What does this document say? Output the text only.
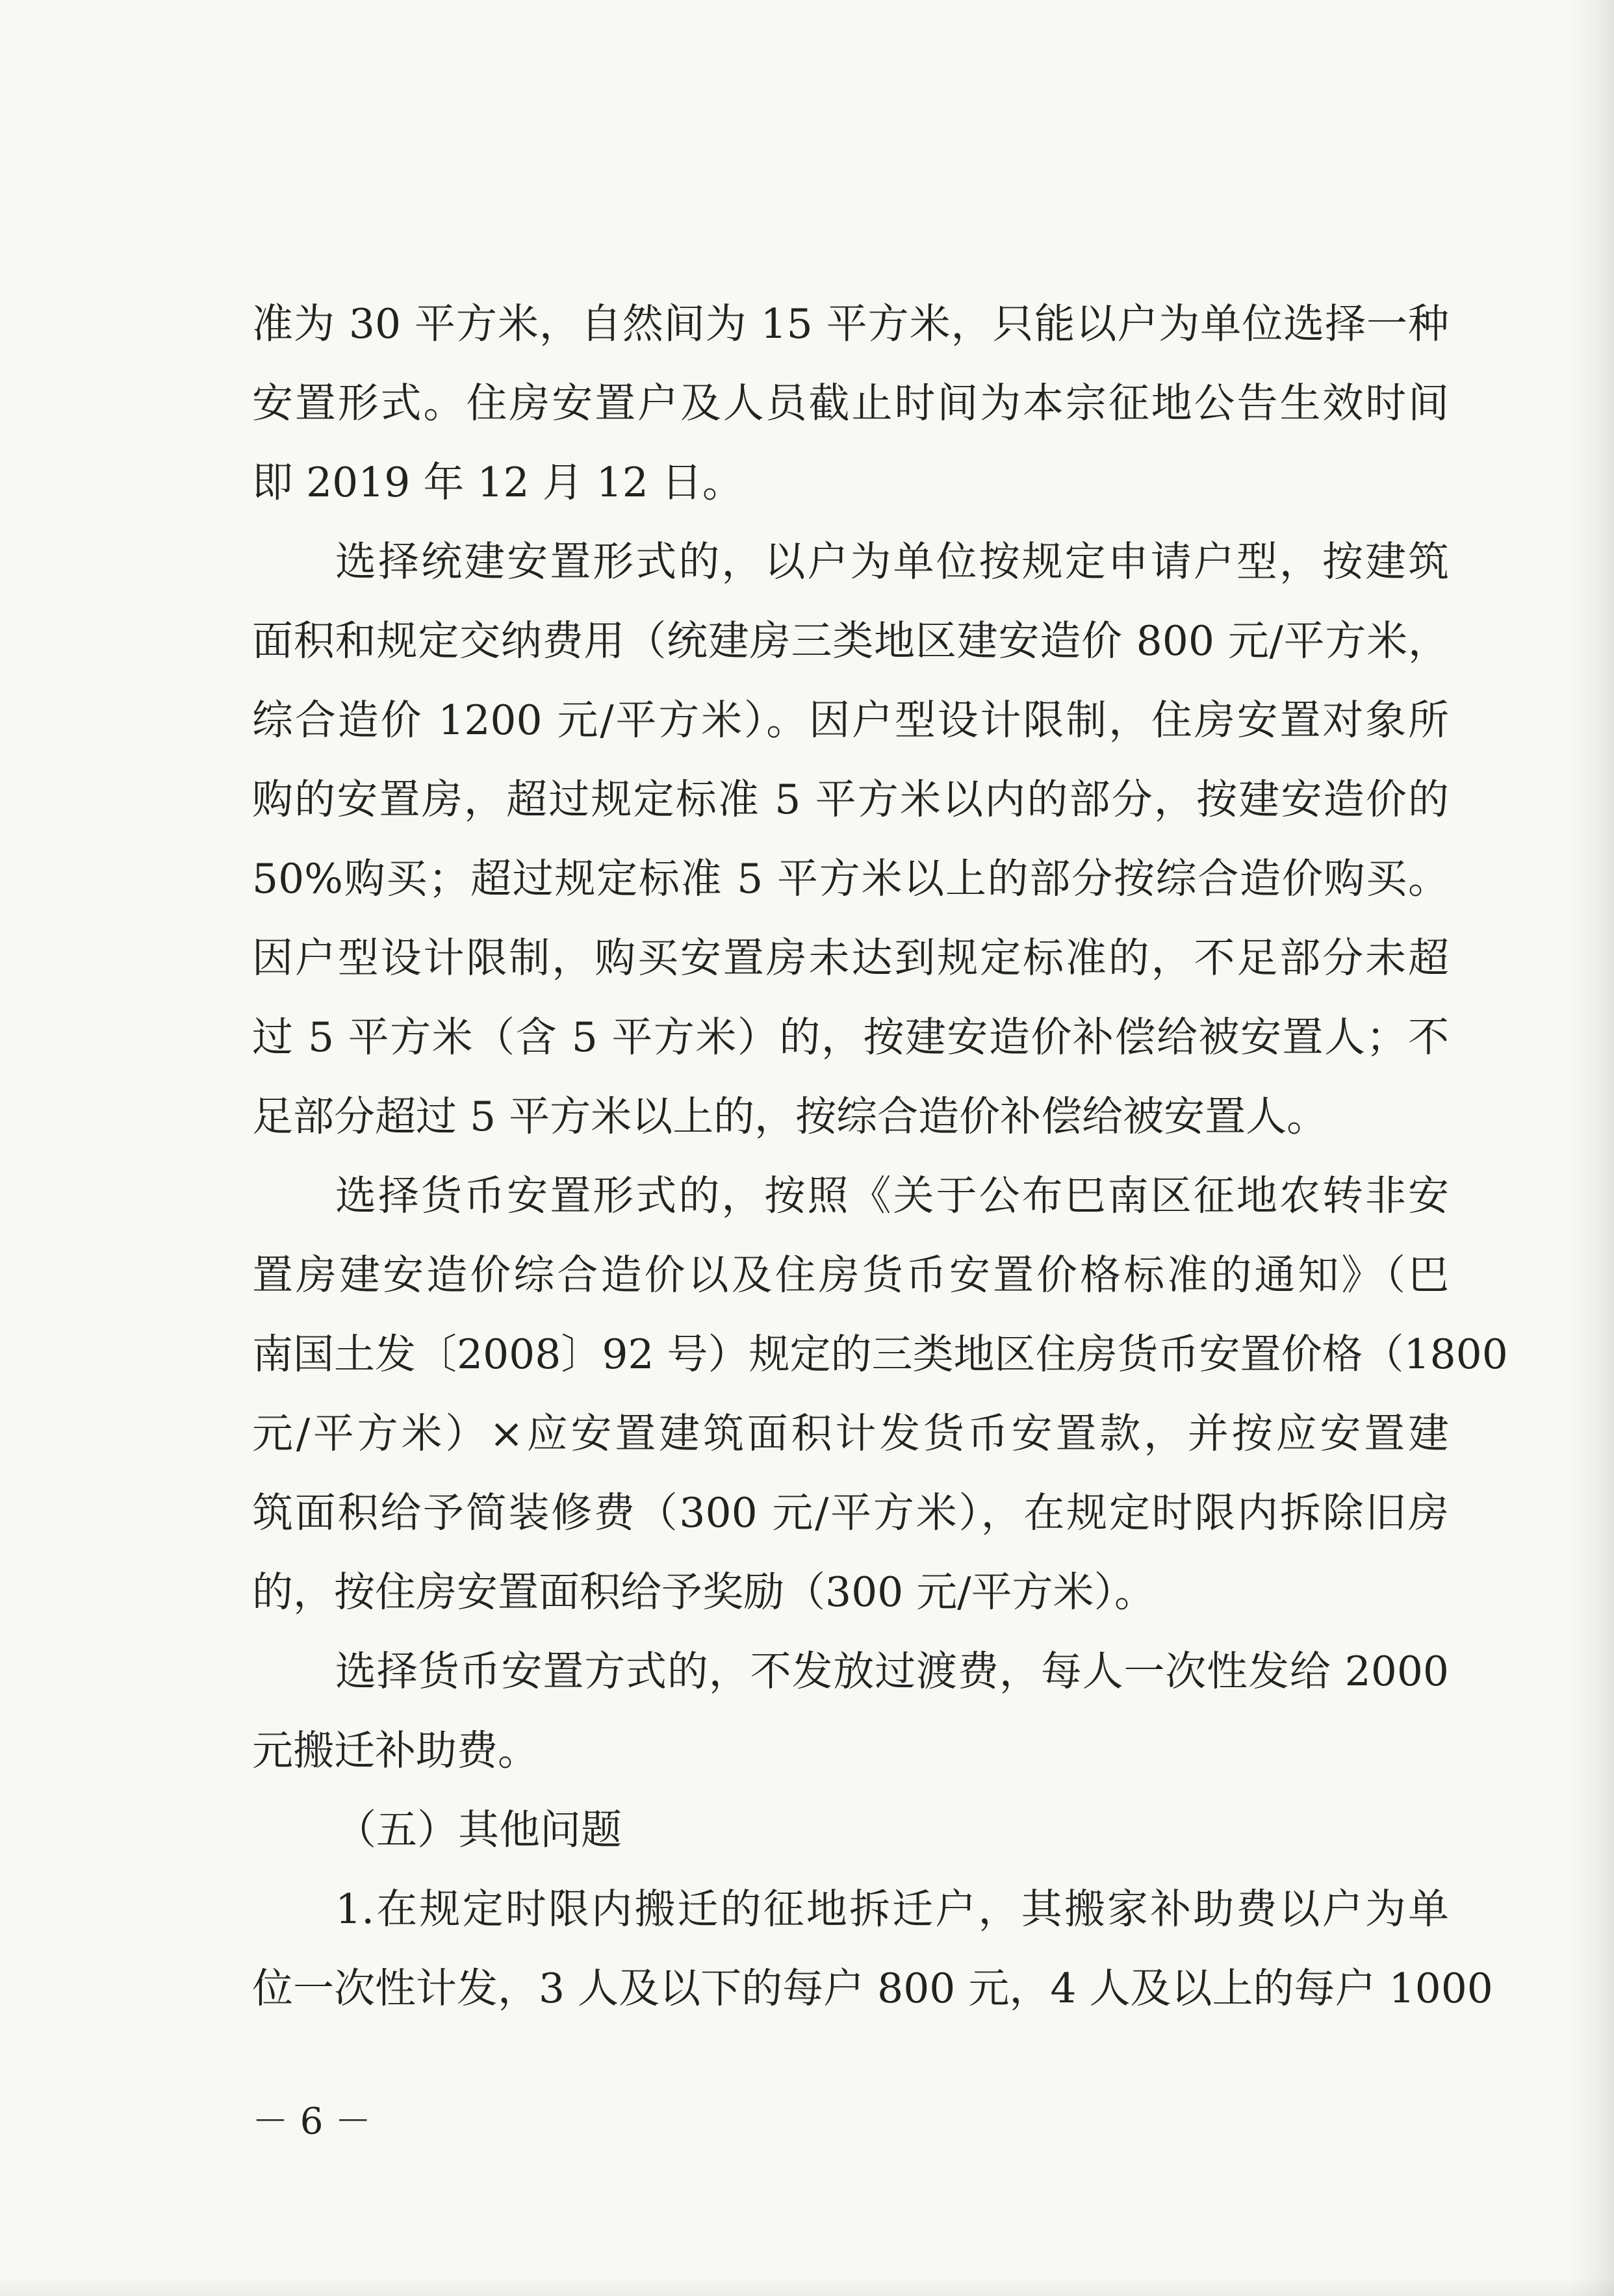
准为 30 平方米，自然间为 15 平方米，只能以户为单位选择一种
安置形式。住房安置户及人员截止时间为本宗征地公告生效时间
即 2019 年 12 月 12 日。
选择统建安置形式的，以户为单位按规定申请户型，按建筑
面积和规定交纳费用（统建房三类地区建安造价 800 元/平方米，
综合造价 1200 元/平方米）。因户型设计限制，住房安置对象所
购的安置房，超过规定标准 5 平方米以内的部分，按建安造价的
50%购买；超过规定标准 5 平方米以上的部分按综合造价购买。
因户型设计限制，购买安置房未达到规定标准的，不足部分未超
过 5 平方米（含 5 平方米）的，按建安造价补偿给被安置人；不
足部分超过 5 平方米以上的，按综合造价补偿给被安置人。
选择货币安置形式的，按照《关于公布巴南区征地农转非安
置房建安造价综合造价以及住房货币安置价格标准的通知》（巴
南国土发〔2008〕92 号）规定的三类地区住房货币安置价格（1800
元/平方米）×应安置建筑面积计发货币安置款，并按应安置建
筑面积给予简装修费（300 元/平方米），在规定时限内拆除旧房
的，按住房安置面积给予奖励（300 元/平方米）。
选择货币安置方式的，不发放过渡费，每人一次性发给 2000
元搬迁补助费。
（五）其他问题
1.在规定时限内搬迁的征地拆迁户，其搬家补助费以户为单
位一次性计发，3 人及以下的每户 800 元，4 人及以上的每户 1000
－ 6 －
